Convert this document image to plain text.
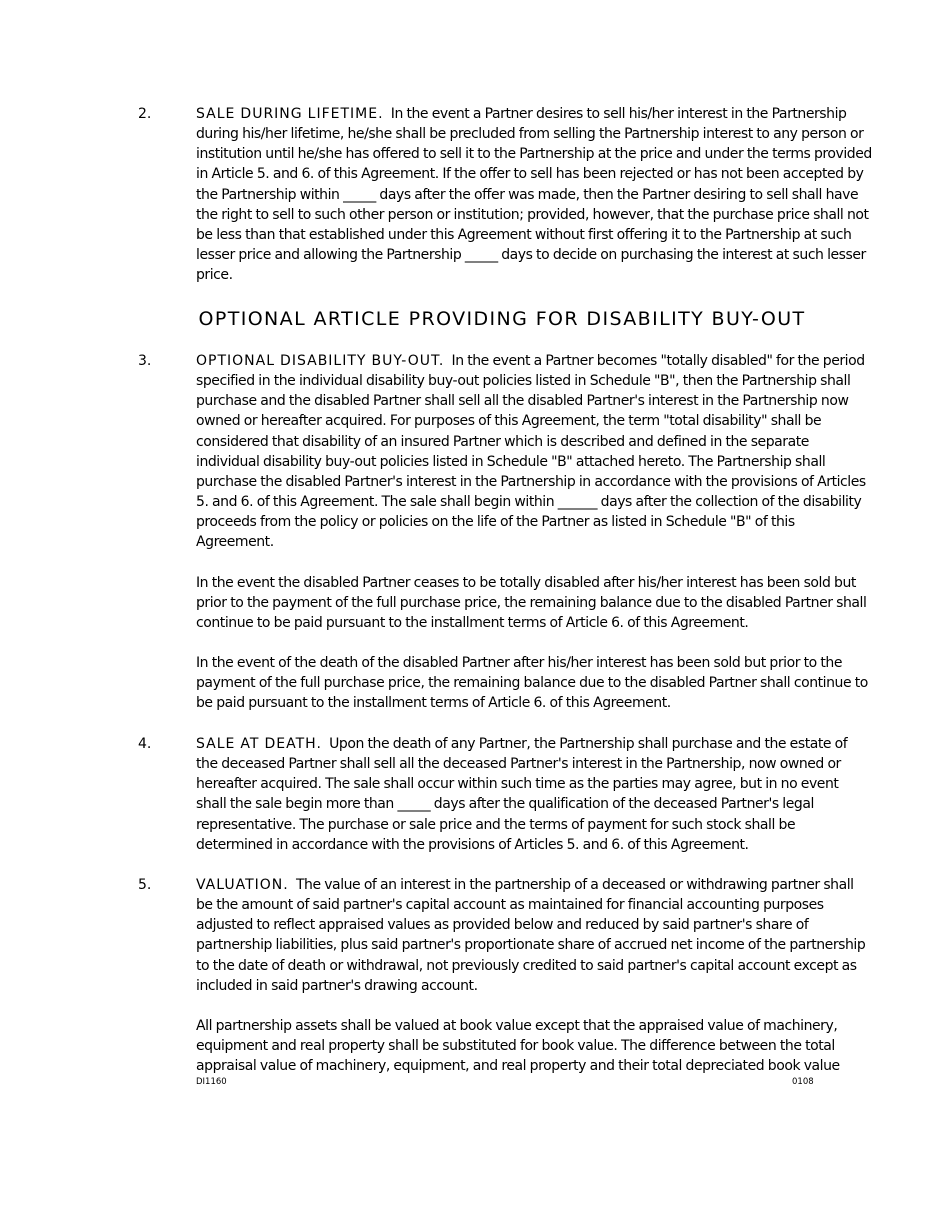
2.	SALE DURING LIFETIME. In the event a Partner desires to sell his/her interest in the Partnership during his/her lifetime, he/she shall be precluded from selling the Partnership interest to any person or institution until he/she has offered to sell it to the Partnership at the price and under the terms provided in Article 5. and 6. of this Agreement. If the offer to sell has been rejected or has not been accepted by the Partnership within _____ days after the offer was made, then the Partner desiring to sell shall have the right to sell to such other person or institution; provided, however, that the purchase price shall not be less than that established under this Agreement without first offering it to the Partnership at such lesser price and allowing the Partnership _____ days to decide on purchasing the interest at such lesser price.
OPTIONAL ARTICLE PROVIDING FOR DISABILITY BUY-OUT
3.	OPTIONAL DISABILITY BUY-OUT. In the event a Partner becomes "totally disabled" for the period specified in the individual disability buy-out policies listed in Schedule "B", then the Partnership shall purchase and the disabled Partner shall sell all the disabled Partner's interest in the Partnership now owned or hereafter acquired. For purposes of this Agreement, the term "total disability" shall be considered that disability of an insured Partner which is described and defined in the separate individual disability buy-out policies listed in Schedule "B" attached hereto. The Partnership shall purchase the disabled Partner's interest in the Partnership in accordance with the provisions of Articles 5. and 6. of this Agreement. The sale shall begin within ______ days after the collection of the disability proceeds from the policy or policies on the life of the Partner as listed in Schedule "B" of this Agreement.
In the event the disabled Partner ceases to be totally disabled after his/her interest has been sold but prior to the payment of the full purchase price, the remaining balance due to the disabled Partner shall continue to be paid pursuant to the installment terms of Article 6. of this Agreement.
In the event of the death of the disabled Partner after his/her interest has been sold but prior to the payment of the full purchase price, the remaining balance due to the disabled Partner shall continue to be paid pursuant to the installment terms of Article 6. of this Agreement.
4.	SALE AT DEATH. Upon the death of any Partner, the Partnership shall purchase and the estate of the deceased Partner shall sell all the deceased Partner's interest in the Partnership, now owned or hereafter acquired. The sale shall occur within such time as the parties may agree, but in no event shall the sale begin more than _____ days after the qualification of the deceased Partner's legal representative. The purchase or sale price and the terms of payment for such stock shall be determined in accordance with the provisions of Articles 5. and 6. of this Agreement.
5.	VALUATION. The value of an interest in the partnership of a deceased or withdrawing partner shall be the amount of said partner's capital account as maintained for financial accounting purposes adjusted to reflect appraised values as provided below and reduced by said partner's share of partnership liabilities, plus said partner's proportionate share of accrued net income of the partnership to the date of death or withdrawal, not previously credited to said partner's capital account except as included in said partner's drawing account.
All partnership assets shall be valued at book value except that the appraised value of machinery, equipment and real property shall be substituted for book value. The difference between the total appraisal value of machinery, equipment, and real property and their total depreciated book value
DI1160	0108
